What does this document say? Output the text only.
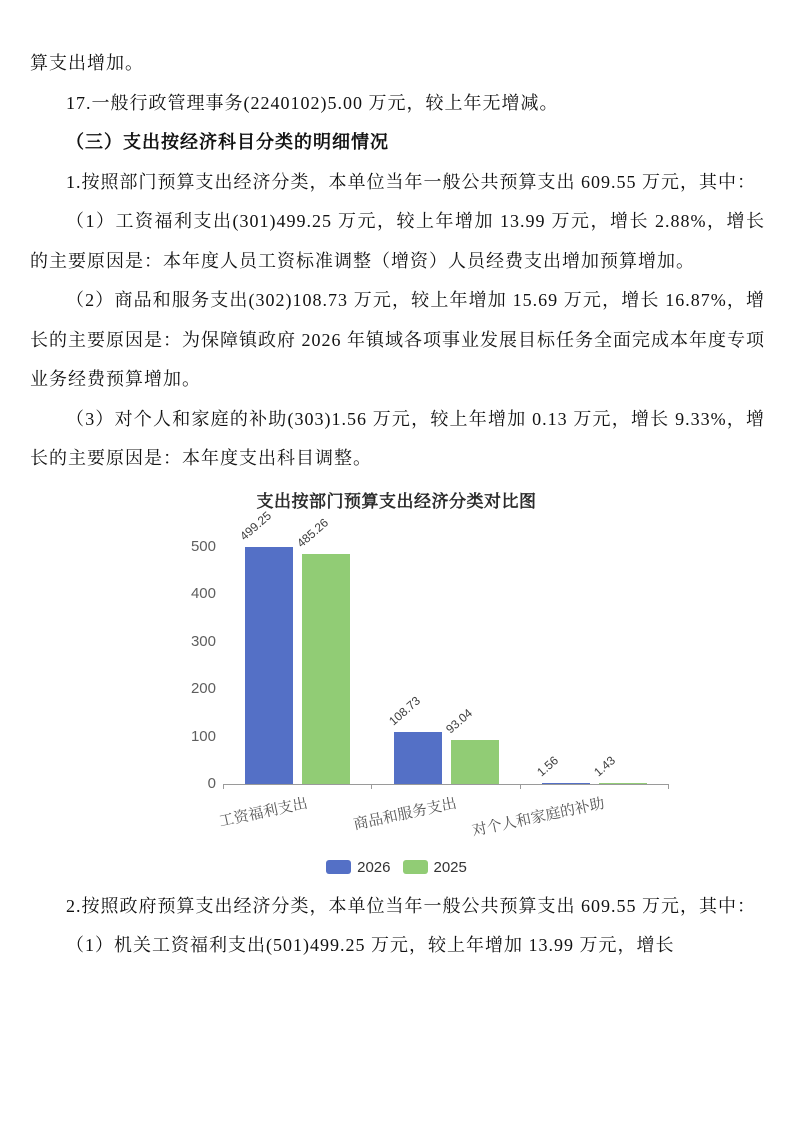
算支出增加。

17.一般行政管理事务(2240102)5.00 万元，较上年无增减。

（三）支出按经济科目分类的明细情况

1.按照部门预算支出经济分类，本单位当年一般公共预算支出 609.55 万元，其中：

（1）工资福利支出(301)499.25 万元，较上年增加 13.99 万元，增长 2.88%，增长的主要原因是：本年度人员工资标准调整（增资）人员经费支出增加预算增加。

（2）商品和服务支出(302)108.73 万元，较上年增加 15.69 万元，增长 16.87%，增长的主要原因是：为保障镇政府 2026 年镇域各项事业发展目标任务全面完成本年度专项业务经费预算增加。

（3）对个人和家庭的补助(303)1.56 万元，较上年增加 0.13 万元，增长 9.33%，增长的主要原因是：本年度支出科目调整。

支出按部门预算支出经济分类对比图
0
100
200
300
400
500
499.25 485.26
工资福利支出
108.73 93.04
商品和服务支出
1.56	1.43
对个人和家庭的补助
2026	2025

2.按照政府预算支出经济分类，本单位当年一般公共预算支出 609.55 万元，其中：

（1）机关工资福利支出(501)499.25 万元，较上年增加 13.99 万元，增长
